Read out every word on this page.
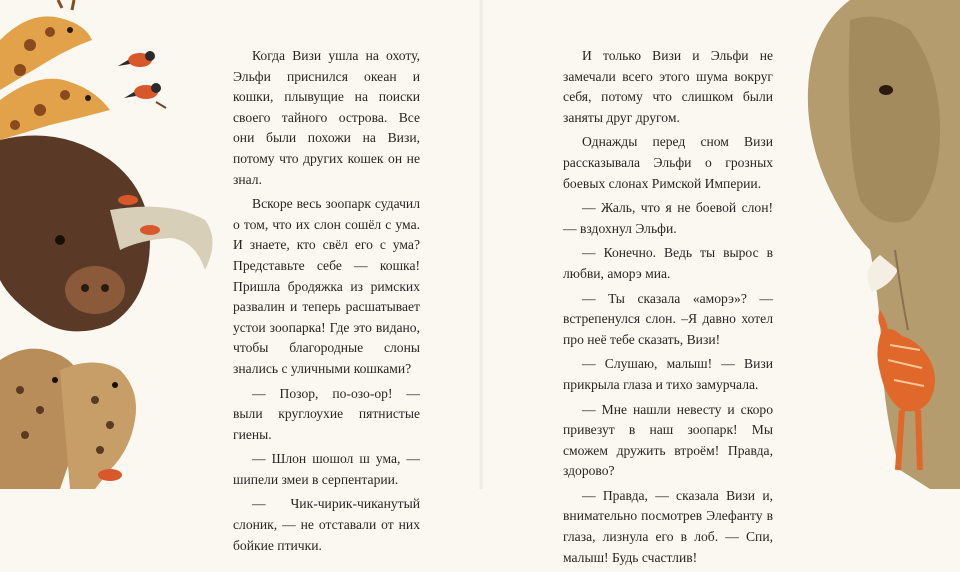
Когда Визи ушла на охоту, Эльфи приснился океан и кошки, плывущие на поиски своего тайного острова. Все они были похожи на Визи, потому что других кошек он не знал.

Вскоре весь зоопарк судачил о том, что их слон сошёл с ума. И знаете, кто свёл его с ума? Представьте себе — кошка! Пришла бродяжка из римских развалин и теперь расшатывает устои зоопарка! Где это видано, чтобы благородные слоны знались с уличными кошками?

— Позор, по-озо-ор! — выли круглоухие пятнистые гиены.

— Шлон шошол ш ума, — шипели змеи в серпентарии.

— Чик-чирик-чиканутый слоник, — не отставали от них бойкие птички.

И только Визи и Эльфи не замечали всего этого шума вокруг себя, потому что слишком были заняты друг другом.

Однажды перед сном Визи рассказывала Эльфи о грозных боевых слонах Римской Империи.

— Жаль, что я не боевой слон! — вздохнул Эльфи.

— Конечно. Ведь ты вырос в любви, аморэ миа.

— Ты сказала «аморэ»? — встрепенулся слон. –Я давно хотел про неё тебе сказать, Визи!

— Слушаю, малыш! — Визи прикрыла глаза и тихо замурчала.

— Мне нашли невесту и скоро привезут в наш зоопарк! Мы сможем дружить втроём! Правда, здорово?

— Правда, — сказала Визи и, внимательно посмотрев Элефанту в глаза, лизнула его в лоб. — Спи, малыш! Будь счастлив!
